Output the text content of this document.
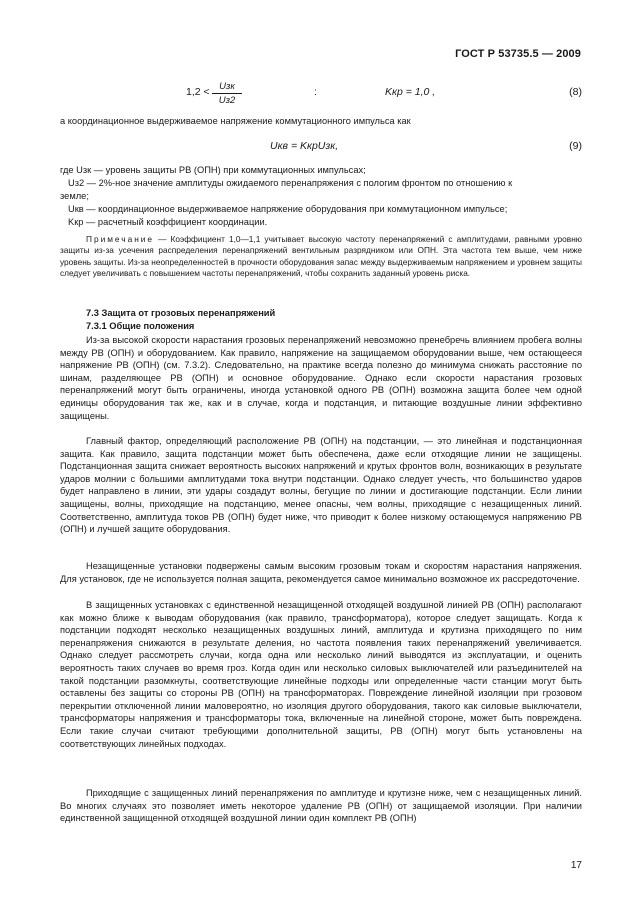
ГОСТ Р 53735.5 — 2009
1,2 < Uзк
Uз2
:	Kкр = 1,0 ,	(8)
а координационное выдерживаемое напряжение коммутационного импульса как
Uкв = KкрUзк,	(9)
где Uзк — уровень защиты РВ (ОПН) при коммутационных импульсах;
Uз2 — 2%-ное значение амплитуды ожидаемого перенапряжения с пологим фронтом по отношению к
земле;
Uкв — координационное выдерживаемое напряжение оборудования при коммутационном импульсе;
Kкр — расчетный коэффициент координации.
Примечание — Коэффициент 1,0—1,1 учитывает высокую частоту перенапряжений с амплитудами, равными уровню защиты из-за усечения распределения перенапряжений вентильным разрядником или ОПН. Эта частота тем выше, чем ниже уровень защиты. Из-за неопределенностей в прочности оборудования запас между выдерживаемым напряжением и уровнем защиты следует увеличивать с повышением частоты перенапряжений, чтобы сохранить заданный уровень риска.
7.3 Защита от грозовых перенапряжений
7.3.1 Общие положения
Из-за высокой скорости нарастания грозовых перенапряжений невозможно пренебречь влиянием пробега волны между РВ (ОПН) и оборудованием. Как правило, напряжение на защищаемом оборудовании выше, чем остающееся напряжение РВ (ОПН) (см. 7.3.2). Следовательно, на практике всегда полезно до минимума снижать расстояние по шинам, разделяющее РВ (ОПН) и основное оборудование. Однако если скорости нарастания грозовых перенапряжений могут быть ограничены, иногда установкой одного РВ (ОПН) возможна защита более чем одной единицы оборудования так же, как и в случае, когда и подстанция, и питающие воздушные линии эффективно защищены.
Главный фактор, определяющий расположение РВ (ОПН) на подстанции, — это линейная и подстанционная защита. Как правило, защита подстанции может быть обеспечена, даже если отходящие линии не защищены. Подстанционная защита снижает вероятность высоких напряжений и крутых фронтов волн, возникающих в результате ударов молнии с большими амплитудами тока внутри подстанции. Однако следует учесть, что большинство ударов будет направлено в линии, эти удары создадут волны, бегущие по линии и достигающие подстанции. Если линии защищены, волны, приходящие на подстанцию, менее опасны, чем волны, приходящие с незащищенных линий. Соответственно, амплитуда токов РВ (ОПН) будет ниже, что приводит к более низкому остающемуся напряжению РВ (ОПН) и лучшей защите оборудования.
Незащищенные установки подвержены самым высоким грозовым токам и скоростям нарастания напряжения. Для установок, где не используется полная защита, рекомендуется самое минимально возможное их рассредоточение.
В защищенных установках с единственной незащищенной отходящей воздушной линией РВ (ОПН) располагают как можно ближе к выводам оборудования (как правило, трансформатора), которое следует защищать. Когда к подстанции подходят несколько незащищенных воздушных линий, амплитуда и крутизна приходящего по ним перенапряжения снижаются в результате деления, но частота появления таких перенапряжений увеличивается. Однако следует рассмотреть случаи, когда одна или несколько линий выводятся из эксплуатации, и оценить вероятность таких случаев во время гроз. Когда один или несколько силовых выключателей или разъединителей на такой подстанции разомкнуты, соответствующие линейные подходы или определенные части станции могут быть оставлены без защиты со стороны РВ (ОПН) на трансформаторах. Повреждение линейной изоляции при грозовом перекрытии отключенной линии маловероятно, но изоляция другого оборудования, такого как силовые выключатели, трансформаторы напряжения и трансформаторы тока, включенные на линейной стороне, может быть повреждена. Если такие случаи считают требующими дополнительной защиты, РВ (ОПН) могут быть установлены на соответствующих линейных подходах.
Приходящие с защищенных линий перенапряжения по амплитуде и крутизне ниже, чем с незащищенных линий. Во многих случаях это позволяет иметь некоторое удаление РВ (ОПН) от защищаемой изоляции. При наличии единственной защищенной отходящей воздушной линии один комплект РВ (ОПН)
17
